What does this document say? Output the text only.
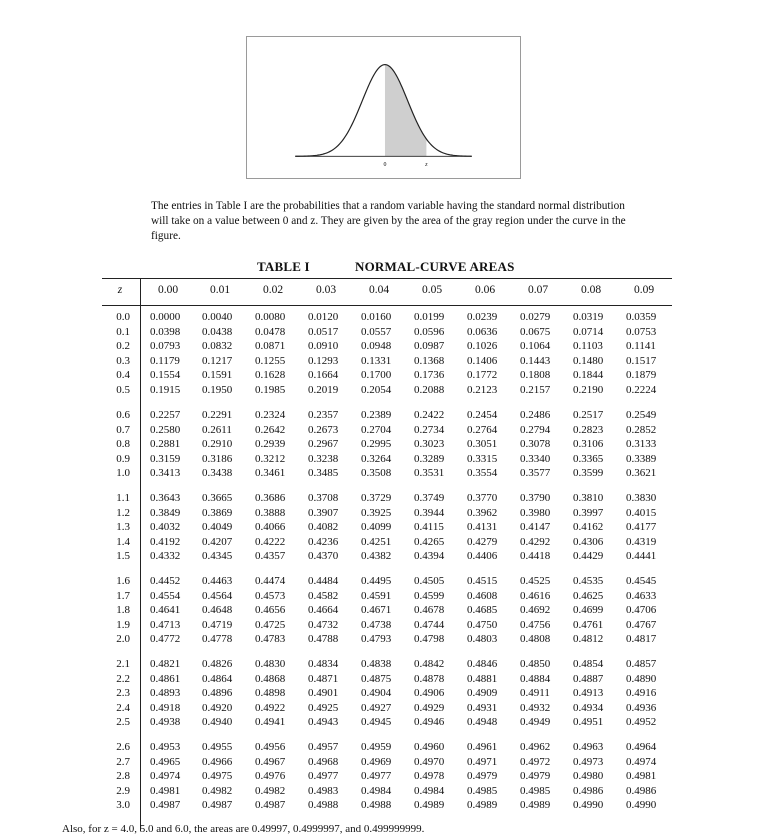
0	z

The entries in Table I are the probabilities that a random variable having the standard normal distribution will take on a value between 0 and z. They are given by the area of the gray region under the curve in the figure.

TABLE I	NORMAL-CURVE AREAS
z	0.00	0.01	0.02	0.03	0.04	0.05	0.06	0.07	0.08	0.09
0.0 0.0000	0.0040	0.0080	0.0120	0.0160	0.0199	0.0239	0.0279	0.0319	0.0359
0.1 0.0398	0.0438	0.0478	0.0517	0.0557	0.0596	0.0636	0.0675	0.0714	0.0753
0.2 0.0793	0.0832	0.0871	0.0910	0.0948	0.0987	0.1026	0.1064	0.1103	0.1141
0.3 0.1179	0.1217	0.1255	0.1293	0.1331	0.1368	0.1406	0.1443	0.1480	0.1517
0.4 0.1554	0.1591	0.1628	0.1664	0.1700	0.1736	0.1772	0.1808	0.1844	0.1879
0.5 0.1915	0.1950	0.1985	0.2019	0.2054	0.2088	0.2123	0.2157	0.2190	0.2224
0.6 0.2257	0.2291	0.2324	0.2357	0.2389	0.2422	0.2454	0.2486	0.2517	0.2549
0.7 0.2580	0.2611	0.2642	0.2673	0.2704	0.2734	0.2764	0.2794	0.2823	0.2852
0.8 0.2881	0.2910	0.2939	0.2967	0.2995	0.3023	0.3051	0.3078	0.3106	0.3133
0.9 0.3159	0.3186	0.3212	0.3238	0.3264	0.3289	0.3315	0.3340	0.3365	0.3389
1.0 0.3413	0.3438	0.3461	0.3485	0.3508	0.3531	0.3554	0.3577	0.3599	0.3621
1.1 0.3643	0.3665	0.3686	0.3708	0.3729	0.3749	0.3770	0.3790	0.3810	0.3830
1.2 0.3849	0.3869	0.3888	0.3907	0.3925	0.3944	0.3962	0.3980	0.3997	0.4015
1.3 0.4032	0.4049	0.4066	0.4082	0.4099	0.4115	0.4131	0.4147	0.4162	0.4177
1.4 0.4192	0.4207	0.4222	0.4236	0.4251	0.4265	0.4279	0.4292	0.4306	0.4319
1.5 0.4332	0.4345	0.4357	0.4370	0.4382	0.4394	0.4406	0.4418	0.4429	0.4441
1.6 0.4452	0.4463	0.4474	0.4484	0.4495	0.4505	0.4515	0.4525	0.4535	0.4545
1.7 0.4554	0.4564	0.4573	0.4582	0.4591	0.4599	0.4608	0.4616	0.4625	0.4633
1.8 0.4641	0.4648	0.4656	0.4664	0.4671	0.4678	0.4685	0.4692	0.4699	0.4706
1.9 0.4713	0.4719	0.4725	0.4732	0.4738	0.4744	0.4750	0.4756	0.4761	0.4767
2.0 0.4772	0.4778	0.4783	0.4788	0.4793	0.4798	0.4803	0.4808	0.4812	0.4817
2.1 0.4821	0.4826	0.4830	0.4834	0.4838	0.4842	0.4846	0.4850	0.4854	0.4857
2.2 0.4861	0.4864	0.4868	0.4871	0.4875	0.4878	0.4881	0.4884	0.4887	0.4890
2.3 0.4893	0.4896	0.4898	0.4901	0.4904	0.4906	0.4909	0.4911	0.4913	0.4916
2.4 0.4918	0.4920	0.4922	0.4925	0.4927	0.4929	0.4931	0.4932	0.4934	0.4936
2.5 0.4938	0.4940	0.4941	0.4943	0.4945	0.4946	0.4948	0.4949	0.4951	0.4952
2.6 0.4953	0.4955	0.4956	0.4957	0.4959	0.4960	0.4961	0.4962	0.4963	0.4964
2.7 0.4965	0.4966	0.4967	0.4968	0.4969	0.4970	0.4971	0.4972	0.4973	0.4974
2.8 0.4974	0.4975	0.4976	0.4977	0.4977	0.4978	0.4979	0.4979	0.4980	0.4981
2.9 0.4981	0.4982	0.4982	0.4983	0.4984	0.4984	0.4985	0.4985	0.4986	0.4986
3.0 0.4987	0.4987	0.4987	0.4988	0.4988	0.4989	0.4989	0.4989	0.4990	0.4990
Also, for z = 4.0, 5.0 and 6.0, the areas are 0.49997, 0.4999997, and 0.499999999.
